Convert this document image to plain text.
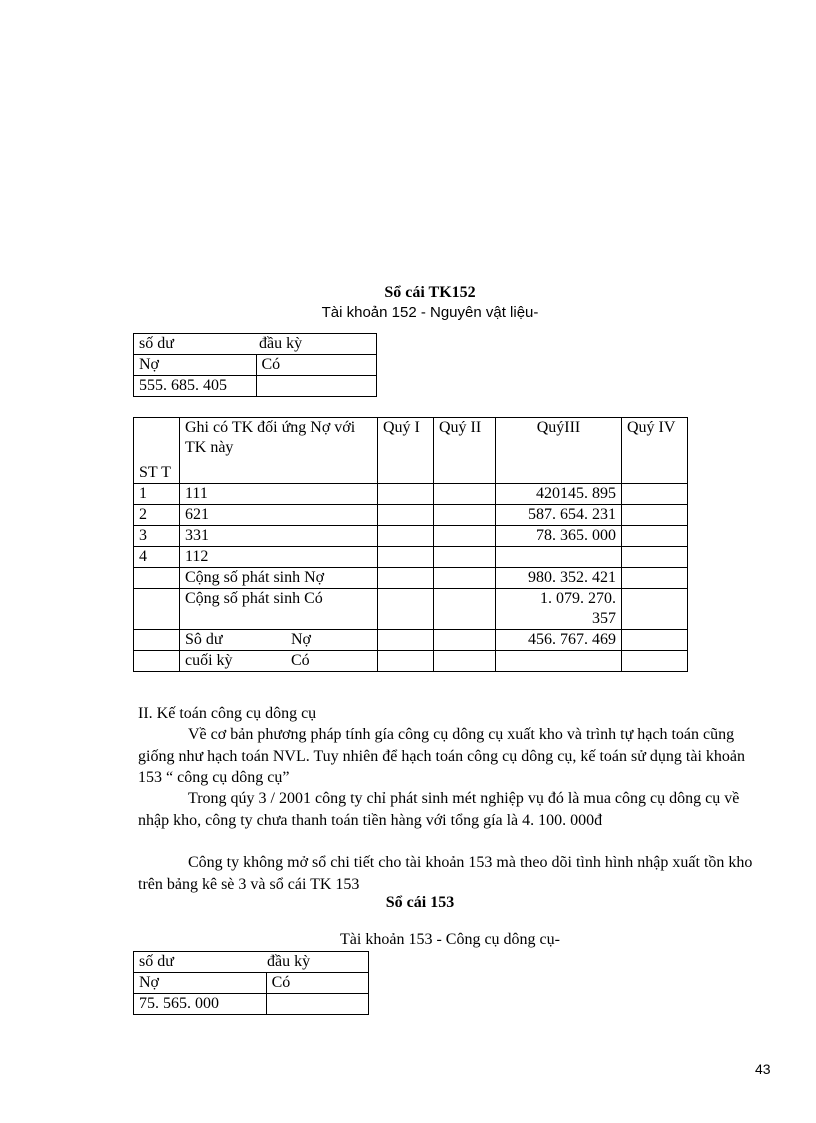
Sổ cái TK152
Tài khoản 152 - Nguyên vật liệu-
số dư đầu kỳ	
Nợ	Có
555. 685. 405	
ST T	Ghi có TK đối ứng Nợ với TK này	Quý I	Quý II	QuýIII	Quý IV
1	111			420145. 895	
2	621			587. 654. 231	
3	331			78. 365. 000	
4	112				
	Cộng số phát sinh Nợ			980. 352. 421	
	Cộng số phát sinh Có			1. 079. 270. 357	
	Sô dư Nợ			456. 767. 469	
	cuối kỳ Có				
II. Kế toán công cụ dông cụ
Về cơ bản phương pháp tính gía công cụ dông cụ xuất kho và trình tự hạch toán cũng giống như hạch toán NVL. Tuy nhiên để hạch toán công cụ dông cụ, kế toán sử dụng tài khoản 153 “ công cụ dông cụ”
Trong qúy 3 / 2001 công ty chỉ phát sinh mét nghiệp vụ đó là mua công cụ dông cụ về nhập kho, công ty chưa thanh toán tiền hàng với tổng gía là 4. 100. 000đ
Công ty không mở sổ chi tiết cho tài khoản 153 mà theo dõi tình hình nhập xuất tồn kho trên bảng kê sè 3 và sổ cái TK 153
Sổ cái 153
Tài khoản 153 - Công cụ dông cụ-
số dư đầu kỳ	
Nợ	Có
75. 565. 000	
43
